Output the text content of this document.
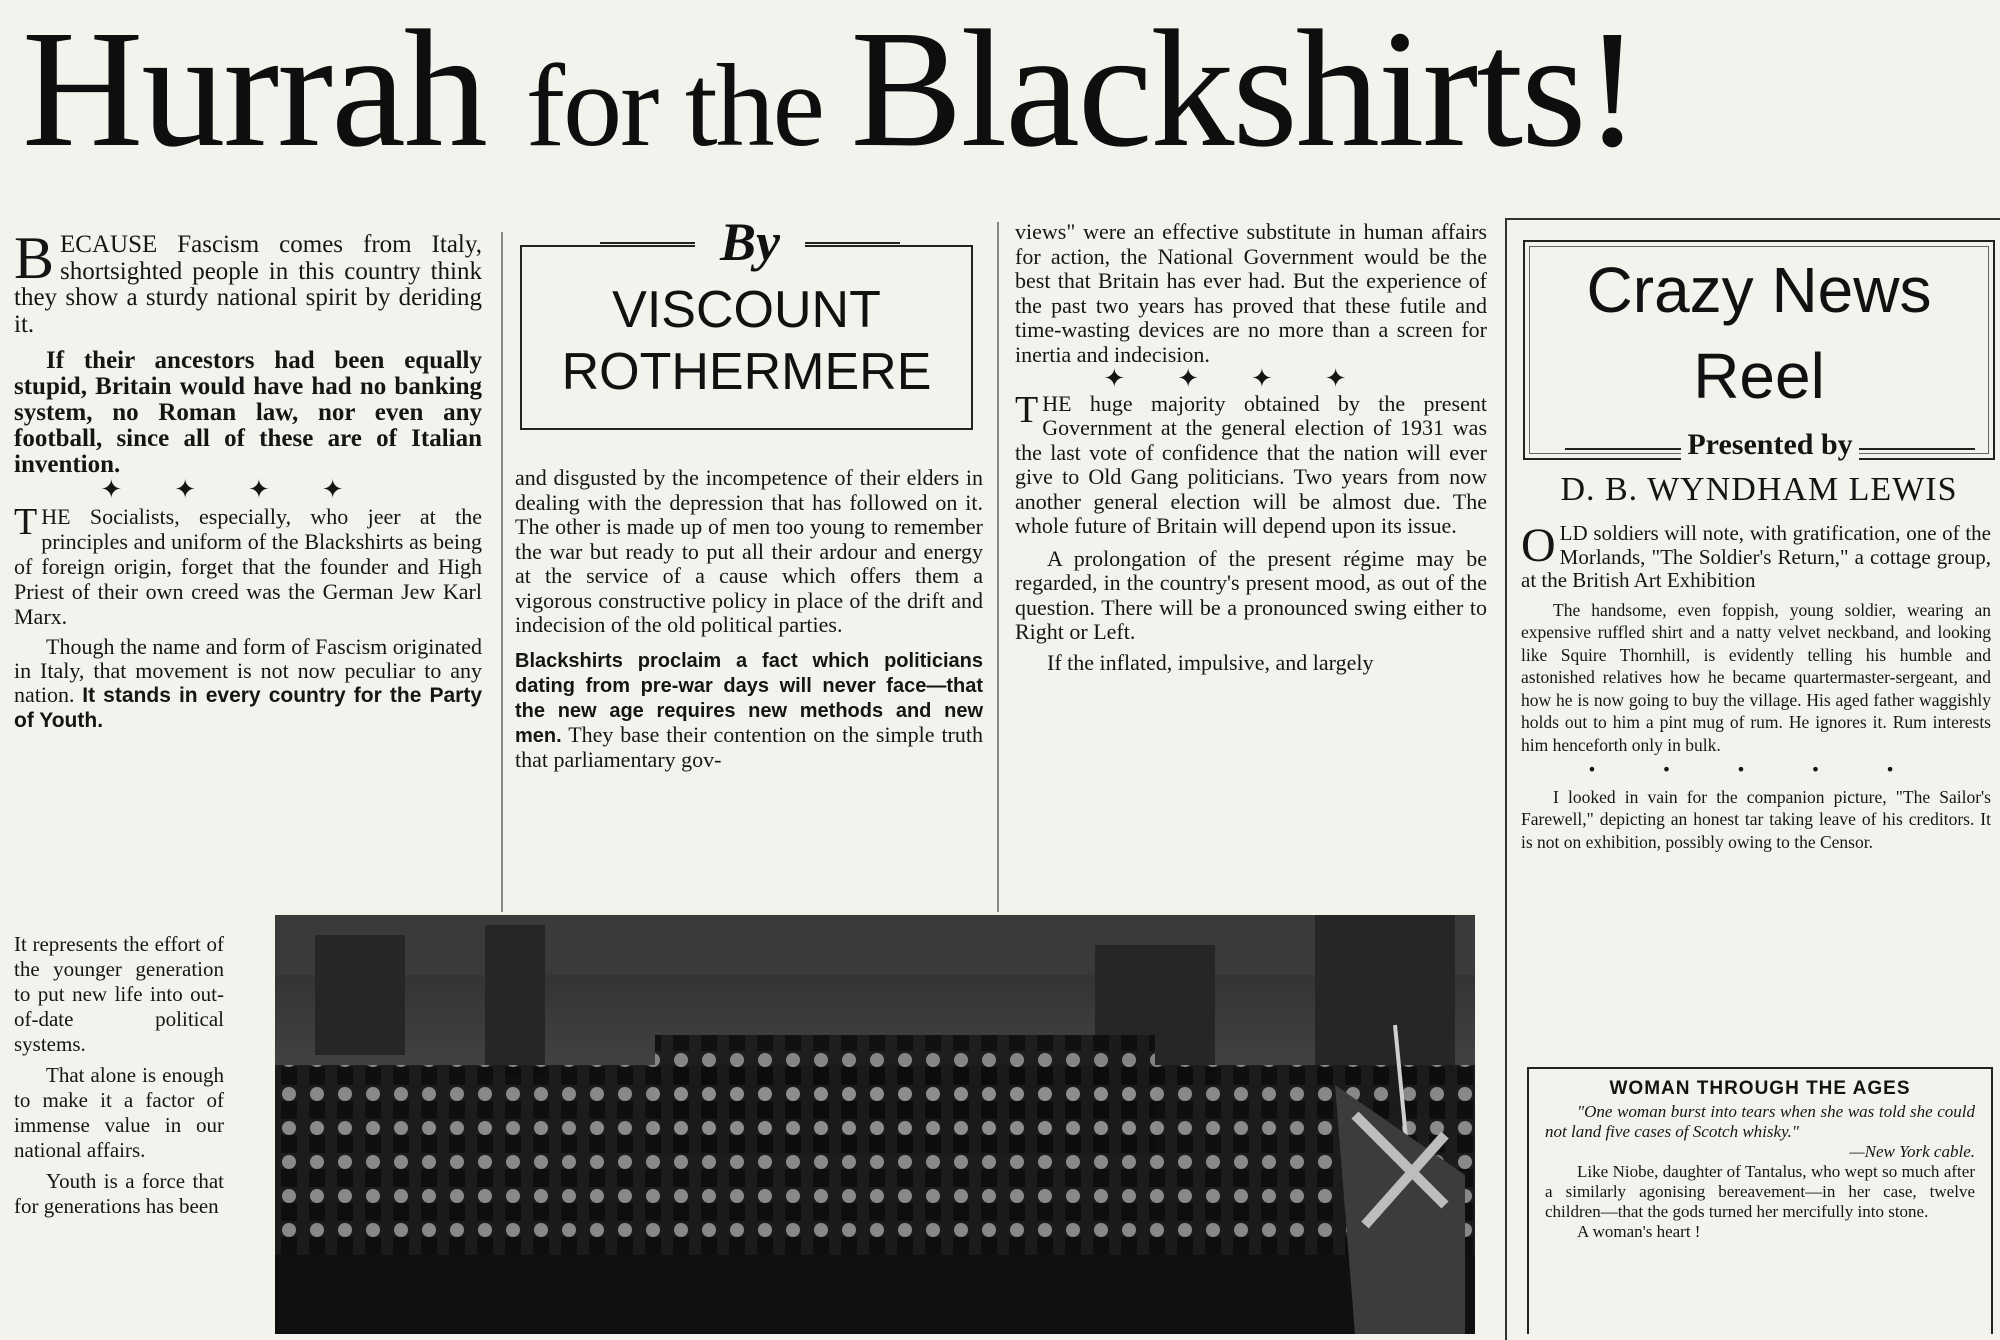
Hurrah for the Blackshirts!

BECAUSE Fascism comes from Italy, shortsighted people in this country think they show a sturdy national spirit by deriding it.

If their ancestors had been equally stupid, Britain would have had no banking system, no Roman law, nor even any football, since all of these are of Italian invention.

✦✦✦✦

THE Socialists, especially, who jeer at the principles and uniform of the Blackshirts as being of foreign origin, forget that the founder and High Priest of their own creed was the German Jew Karl Marx.

Though the name and form of Fascism originated in Italy, that movement is not now peculiar to any nation. It stands in every country for the Party of Youth.

It represents the effort of the younger generation to put new life into out-of-date political systems.

That alone is enough to make it a factor of immense value in our national affairs.

Youth is a force that for generations has been

By
VISCOUNT
ROTHERMERE

and disgusted by the incompetence of their elders in dealing with the depression that has followed on it. The other is made up of men too young to remember the war but ready to put all their ardour and energy at the service of a cause which offers them a vigorous constructive policy in place of the drift and indecision of the old political parties.

Blackshirts proclaim a fact which politicians dating from pre-war days will never face—that the new age requires new methods and new men. They base their contention on the simple truth that parliamentary gov-

views" were an effective substitute in human affairs for action, the National Government would be the best that Britain has ever had. But the experience of the past two years has proved that these futile and time-wasting devices are no more than a screen for inertia and indecision.

✦✦✦✦

THE huge majority obtained by the present Government at the general election of 1931 was the last vote of confidence that the nation will ever give to Old Gang politicians. Two years from now another general election will be almost due. The whole future of Britain will depend upon its issue.

A prolongation of the present régime may be regarded, in the country's present mood, as out of the question. There will be a pronounced swing either to Right or Left.

If the inflated, impulsive, and largely

Crazy News
Reel
Presented by
D. B. WYNDHAM LEWIS

OLD soldiers will note, with gratification, one of the Morlands, "The Soldier's Return," a cottage group, at the British Art Exhibition

The handsome, even foppish, young soldier, wearing an expensive ruffled shirt and a natty velvet neckband, and looking like Squire Thornhill, is evidently telling his humble and astonished relatives how he became quartermaster-sergeant, and how he is now going to buy the village. His aged father waggishly holds out to him a pint mug of rum. He ignores it. Rum interests him henceforth only in bulk.

• • • • •

I looked in vain for the companion picture, "The Sailor's Farewell," depicting an honest tar taking leave of his creditors. It is not on exhibition, possibly owing to the Censor.

WOMAN THROUGH THE AGES

"One woman burst into tears when she was told she could not land five cases of Scotch whisky."

—New York cable.

Like Niobe, daughter of Tantalus, who wept so much after a similarly agonising bereavement—in her case, twelve children—that the gods turned her mercifully into stone.

A woman's heart !
